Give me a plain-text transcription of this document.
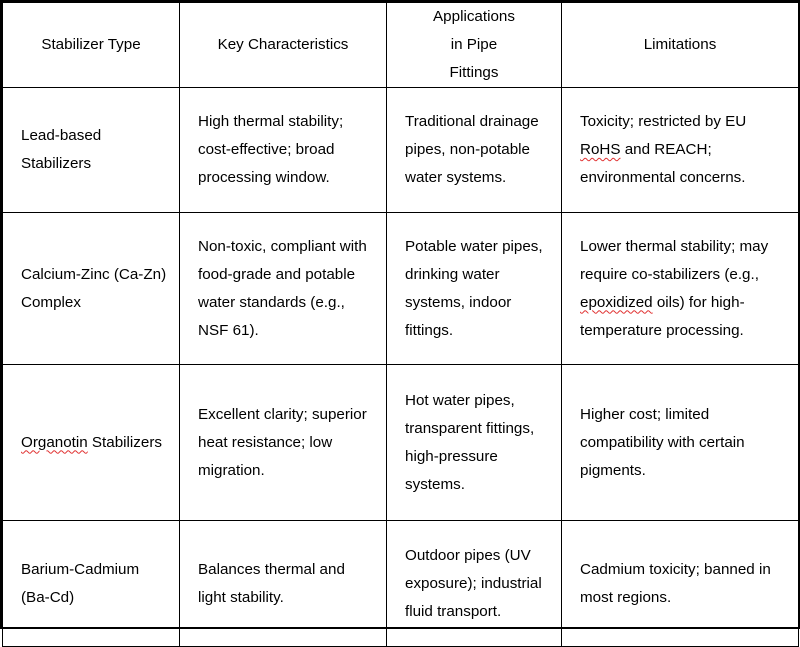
Stabilizer Type	Key Characteristics	Applications in Pipe Fittings	Limitations

Lead-based Stabilizers	High thermal stability; cost-effective; broad processing window.	Traditional drainage pipes, non-potable water systems.	Toxicity; restricted by EU RoHS and REACH; environmental concerns.

Calcium-Zinc (Ca-Zn) Complex	Non-toxic, compliant with food-grade and potable water standards (e.g., NSF 61).	Potable water pipes, drinking water systems, indoor fittings.	Lower thermal stability; may require co-stabilizers (e.g., epoxidized oils) for high-temperature processing.

Organotin Stabilizers	Excellent clarity; superior heat resistance; low migration.	Hot water pipes, transparent fittings, high-pressure systems.	Higher cost; limited compatibility with certain pigments.

Barium-Cadmium (Ba-Cd)	Balances thermal and light stability.	Outdoor pipes (UV exposure); industrial fluid transport.	Cadmium toxicity; banned in most regions.
